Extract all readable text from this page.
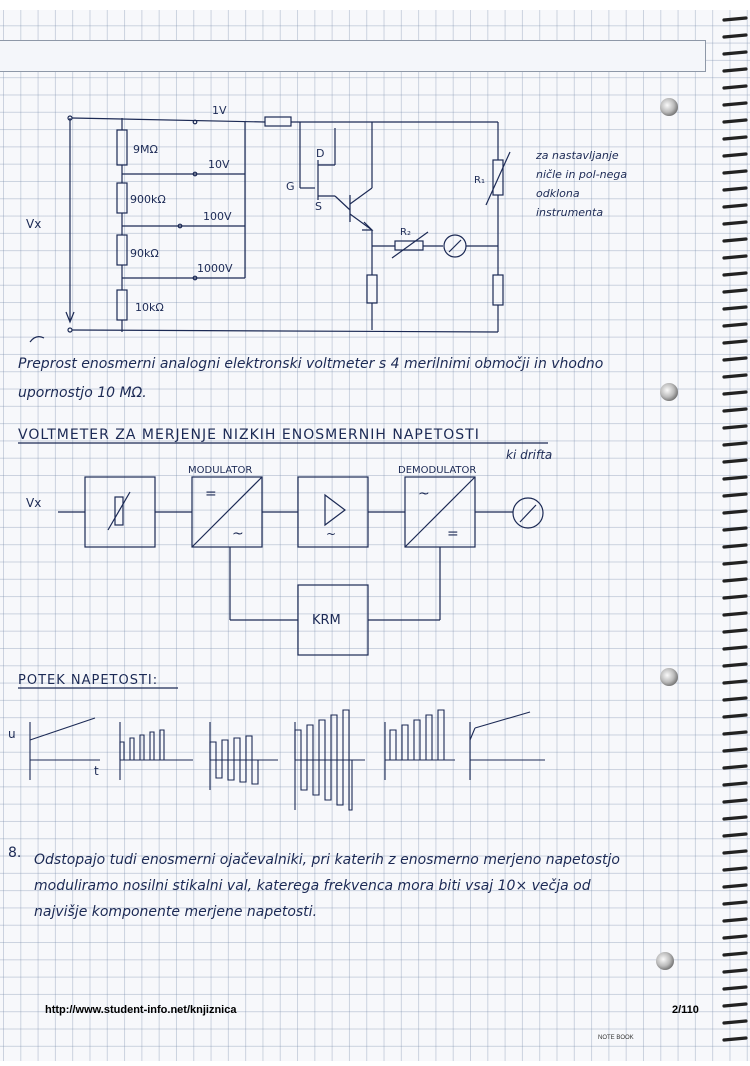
=
~	~
~
=
9MΩ
900kΩ
90kΩ
10kΩ
1V
10V
100V
1000V
Vx
D
G
S
R₁
R₂
Vx
MODULATOR	DEMODULATOR
KRM
u
t
za nastavljanje ničle in pol-nega odklona instrumenta
Preprost enosmerni analogni elektronski voltmeter s 4 merilnimi območji in vhodno upornostjo 10 MΩ.
VOLTMETER ZA MERJENJE NIZKIH ENOSMERNIH NAPETOSTI
ki drifta
POTEK NAPETOSTI:
8. Odstopajo tudi enosmerni ojačevalniki, pri katerih z enosmerno merjeno napetostjo moduliramo nosilni stikalni val, katerega frekvenca mora biti vsaj 10× večja od najvišje komponente merjene napetosti.
http://www.student-info.net/knjiznica	2/110
NOTE BOOK
